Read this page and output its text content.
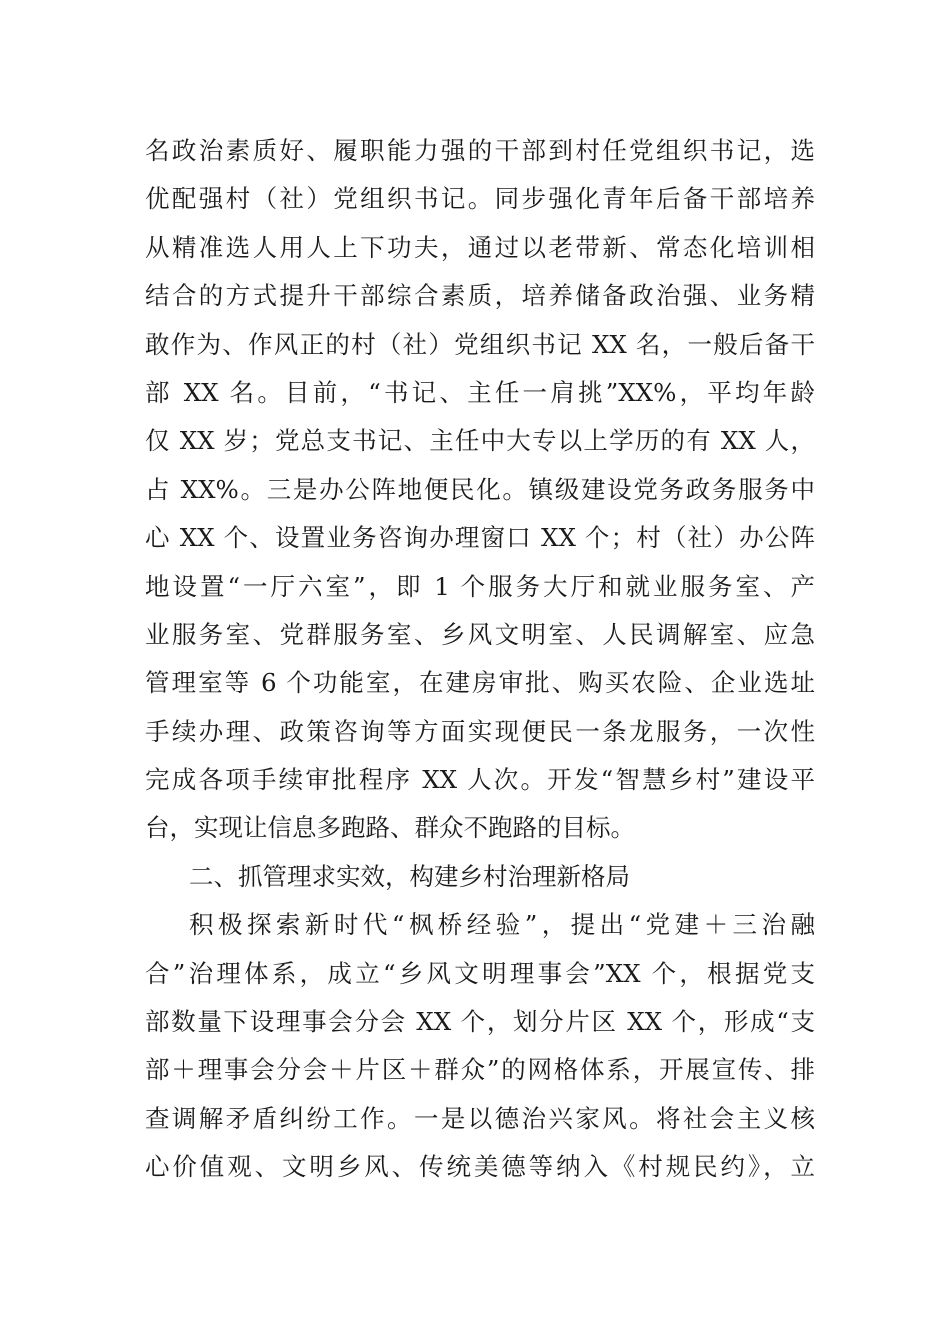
名政治素质好、履职能力强的干部到村任党组织书记，选
优配强村（社）党组织书记。同步强化青年后备干部培养
从精准选人用人上下功夫，通过以老带新、常态化培训相
结合的方式提升干部综合素质，培养储备政治强、业务精
敢作为、作风正的村（社）党组织书记 XX 名，一般后备干
部 XX 名。目前，“书记、主任一肩挑”XX%，平均年龄
仅 XX 岁；党总支书记、主任中大专以上学历的有 XX 人，
占 XX%。三是办公阵地便民化。镇级建设党务政务服务中
心 XX 个、设置业务咨询办理窗口 XX 个；村（社）办公阵
地设置“一厅六室”，即 1 个服务大厅和就业服务室、产
业服务室、党群服务室、乡风文明室、人民调解室、应急
管理室等 6 个功能室，在建房审批、购买农险、企业选址
手续办理、政策咨询等方面实现便民一条龙服务，一次性
完成各项手续审批程序 XX 人次。开发“智慧乡村”建设平
台，实现让信息多跑路、群众不跑路的目标。
二、抓管理求实效，构建乡村治理新格局
积极探索新时代“枫桥经验”，提出“党建＋三治融
合”治理体系，成立“乡风文明理事会”XX 个，根据党支
部数量下设理事会分会 XX 个，划分片区 XX 个，形成“支
部＋理事会分会＋片区＋群众”的网格体系，开展宣传、排
查调解矛盾纠纷工作。一是以德治兴家风。将社会主义核
心价值观、文明乡风、传统美德等纳入《村规民约》，立
